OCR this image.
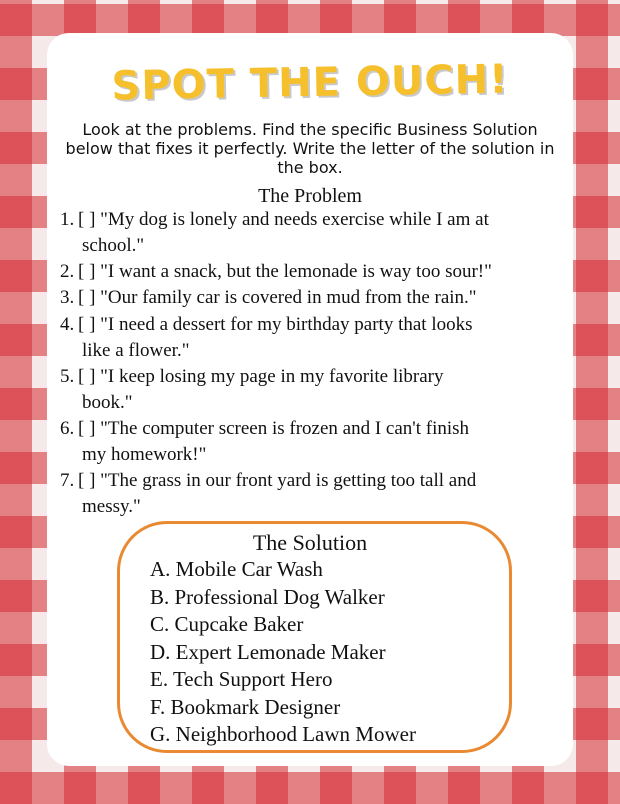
SPOT THE OUCH!
Look at the problems. Find the specific Business Solution below that fixes it perfectly. Write the letter of the solution in the box.
The Problem
1. [ ] "My dog is lonely and needs exercise while I am at
school."
2. [ ] "I want a snack, but the lemonade is way too sour!"
3. [ ] "Our family car is covered in mud from the rain."
4. [ ] "I need a dessert for my birthday party that looks
like a flower."
5. [ ] "I keep losing my page in my favorite library
book."
6. [ ] "The computer screen is frozen and I can't finish
my homework!"
7. [ ] "The grass in our front yard is getting too tall and
messy."
The Solution
A. Mobile Car Wash
B. Professional Dog Walker
C. Cupcake Baker
D. Expert Lemonade Maker
E. Tech Support Hero
F. Bookmark Designer
G. Neighborhood Lawn Mower
